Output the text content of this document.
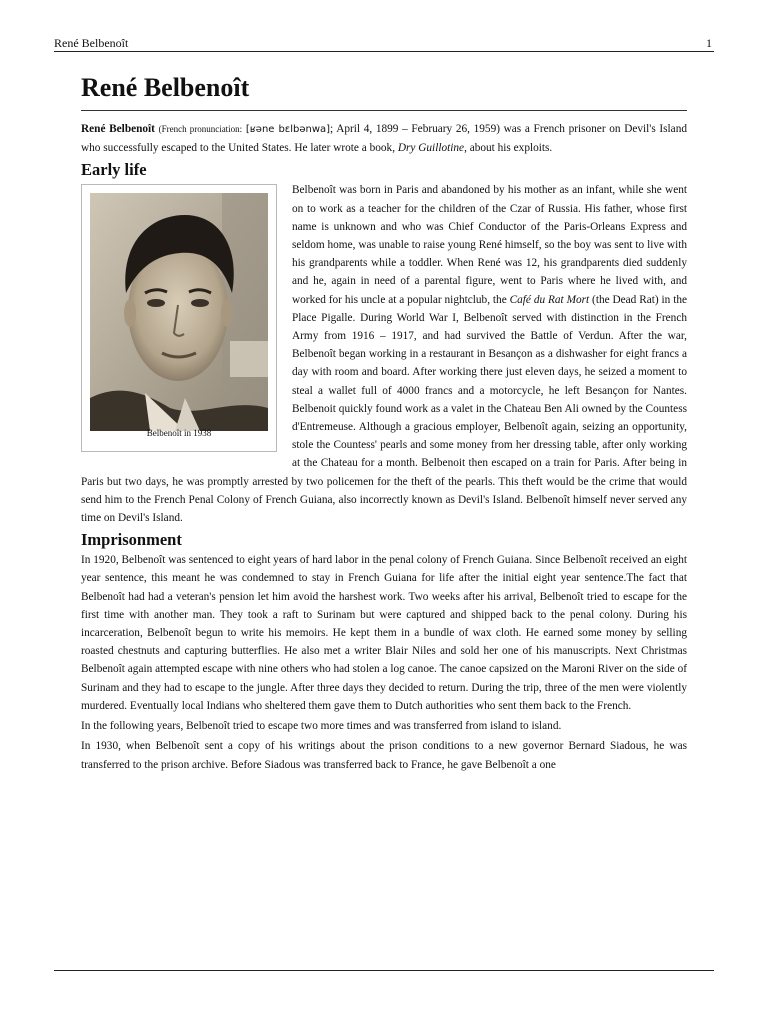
René Belbenoît	1
René Belbenoît

René Belbenoît (French pronunciation: [ʁəne bɛlbənwa]; April 4, 1899 – February 26, 1959) was a French prisoner on Devil's Island who successfully escaped to the United States. He later wrote a book, Dry Guillotine, about his exploits.

Early life
Belbenoît in 1938

Belbenoît was born in Paris and abandoned by his mother as an infant, while she went on to work as a teacher for the children of the Czar of Russia. His father, whose first name is unknown and who was Chief Conductor of the Paris-Orleans Express and seldom home, was unable to raise young René himself, so the boy was sent to live with his grandparents while a toddler. When René was 12, his grandparents died suddenly and he, again in need of a parental figure, went to Paris where he lived with, and worked for his uncle at a popular nightclub, the Café du Rat Mort (the Dead Rat) in the Place Pigalle. During World War I, Belbenoît served with distinction in the French Army from 1916 – 1917, and had survived the Battle of Verdun. After the war, Belbenoît began working in a restaurant in Besançon as a dishwasher for eight francs a day with room and board. After working there just eleven days, he seized a moment to steal a wallet full of 4000 francs and a motorcycle, he left Besançon for Nantes. Belbenoit quickly found work as a valet in the Chateau Ben Ali owned by the Countess d'Entremeuse. Although a gracious employer, Belbenoît again, seizing an opportunity, stole the Countess' pearls and some money from her dressing table, after only working at the Chateau for a month. Belbenoit then escaped on a train for Paris. After being in Paris but two days, he was promptly arrested by two policemen for the theft of the pearls. This theft would be the crime that would send him to the French Penal Colony of French Guiana, also incorrectly known as Devil's Island. Belbenoît himself never served any time on Devil's Island.

Imprisonment

In 1920, Belbenoît was sentenced to eight years of hard labor in the penal colony of French Guiana. Since Belbenoît received an eight year sentence, this meant he was condemned to stay in French Guiana for life after the initial eight year sentence.The fact that Belbenoît had had a veteran's pension let him avoid the harshest work. Two weeks after his arrival, Belbenoît tried to escape for the first time with another man. They took a raft to Surinam but were captured and shipped back to the penal colony. During his incarceration, Belbenoît begun to write his memoirs. He kept them in a bundle of wax cloth. He earned some money by selling roasted chestnuts and capturing butterflies. He also met a writer Blair Niles and sold her one of his manuscripts. Next Christmas Belbenoît again attempted escape with nine others who had stolen a log canoe. The canoe capsized on the Maroni River on the side of Surinam and they had to escape to the jungle. After three days they decided to return. During the trip, three of the men were violently murdered. Eventually local Indians who sheltered them gave them to Dutch authorities who sent them back to the French.

In the following years, Belbenoît tried to escape two more times and was transferred from island to island.

In 1930, when Belbenoît sent a copy of his writings about the prison conditions to a new governor Bernard Siadous, he was transferred to the prison archive. Before Siadous was transferred back to France, he gave Belbenoît a one
